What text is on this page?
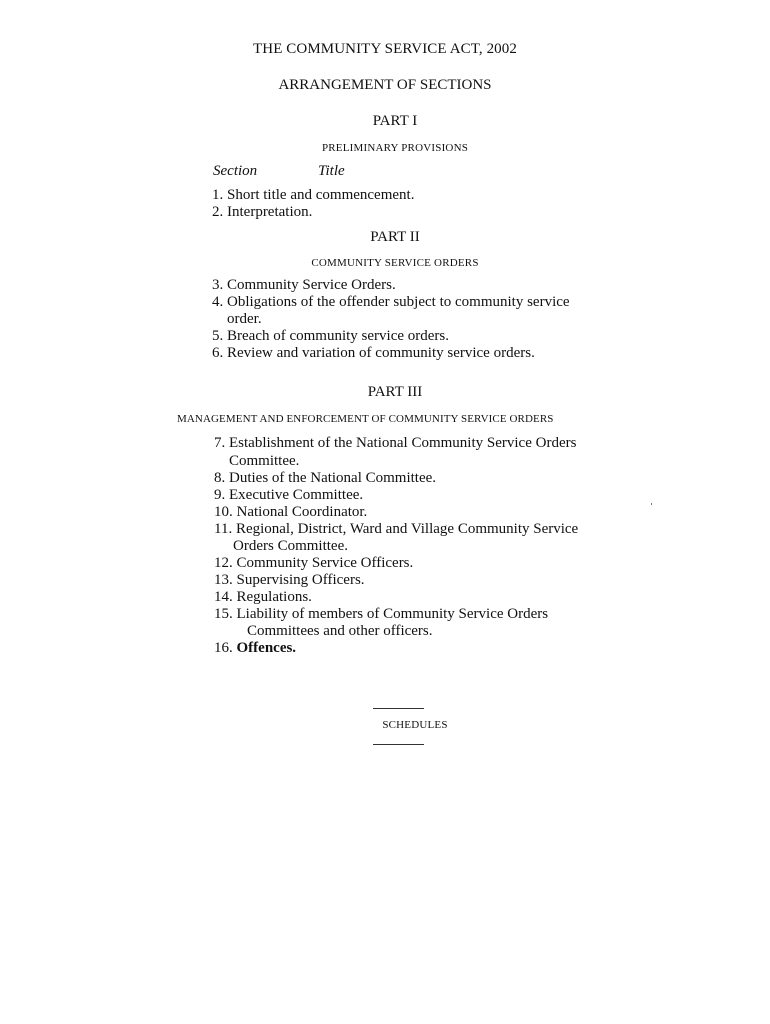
THE COMMUNITY SERVICE ACT, 2002
ARRANGEMENT OF SECTIONS
PART I
PRELIMINARY PROVISIONS
Section	Title
1. Short title and commencement.
2. Interpretation.
PART II
COMMUNITY SERVICE ORDERS
3. Community Service Orders.
4. Obligations of the offender subject to community service
order.
5. Breach of community service orders.
6. Review and variation of community service orders.
PART III
MANAGEMENT AND ENFORCEMENT OF COMMUNITY SERVICE ORDERS
7. Establishment of the National Community Service Orders
Committee.
8. Duties of the National Committee.
9. Executive Committee.
10. National Coordinator.
11. Regional, District, Ward and Village Community Service
Orders Committee.
12. Community Service Officers.
13. Supervising Officers.
14. Regulations.
15. Liability of members of Community Service Orders
Committees and other officers.
16. Offences.
SCHEDULES
